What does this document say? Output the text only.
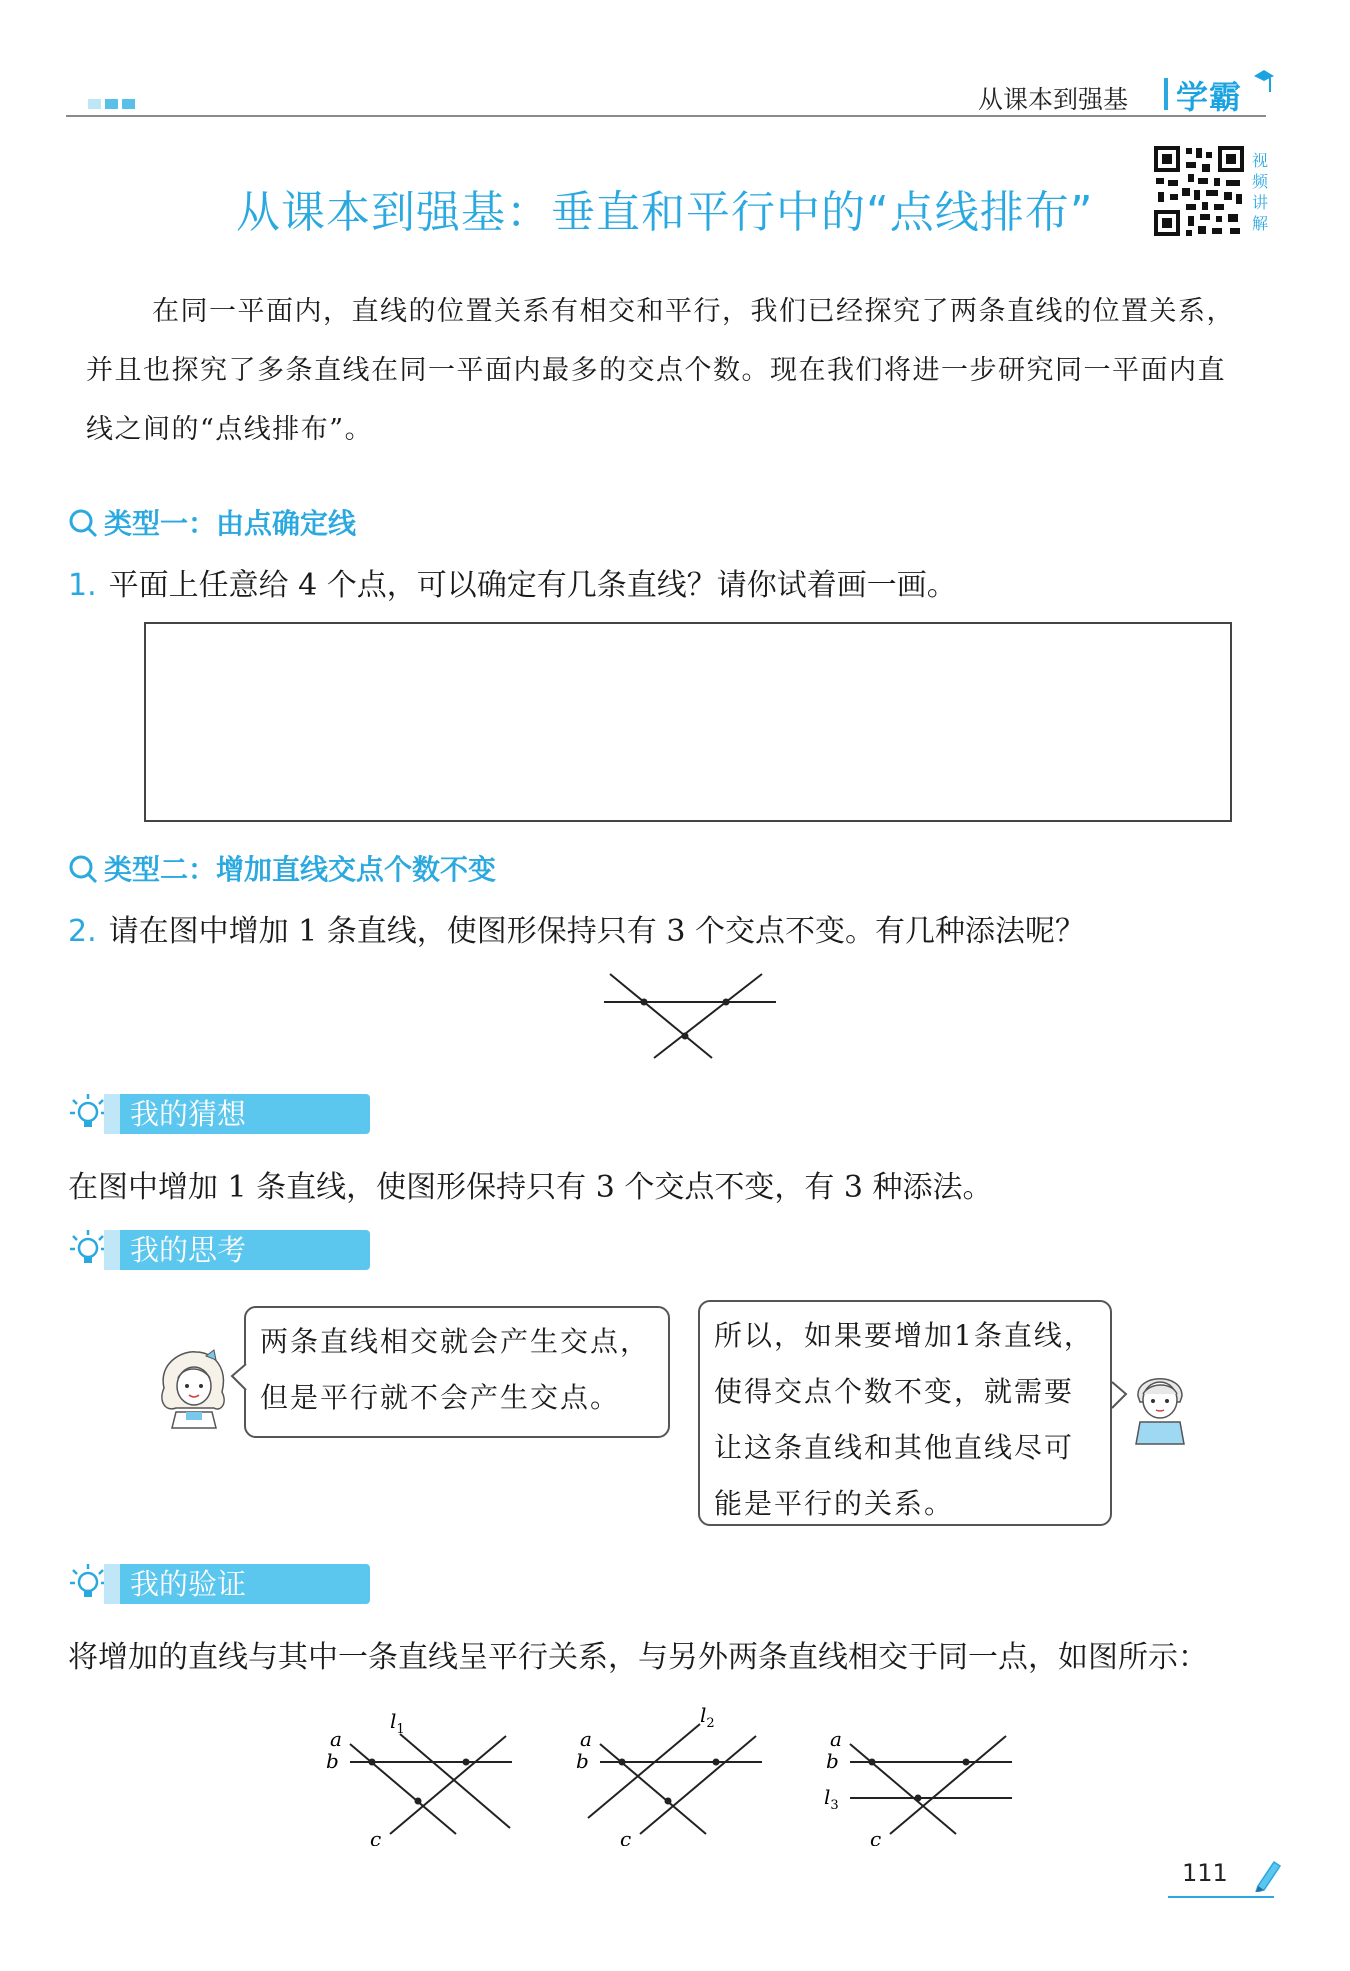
从课本到强基 学霸
从课本到强基：垂直和平行中的“点线排布”
视频讲解
在同一平面内，直线的位置关系有相交和平行，我们已经探究了两条直线的位置关系，并且也探究了多条直线在同一平面内最多的交点个数。现在我们将进一步研究同一平面内直线之间的“点线排布”。
类型一：由点确定线
1. 平面上任意给 4 个点，可以确定有几条直线？请你试着画一画。
类型二：增加直线交点个数不变
2. 请在图中增加 1 条直线，使图形保持只有 3 个交点不变。有几种添法呢？
我的猜想
在图中增加 1 条直线，使图形保持只有 3 个交点不变，有 3 种添法。
我的思考
两条直线相交就会产生交点，
但是平行就不会产生交点。
所以，如果要增加1条直线，
使得交点个数不变，就需要
让这条直线和其他直线尽可
能是平行的关系。
我的验证
将增加的直线与其中一条直线呈平行关系，与另外两条直线相交于同一点，如图所示：
a
b
c
$l_1$	a
b
c
$l_2$
a
b
c
$l_3$
111
